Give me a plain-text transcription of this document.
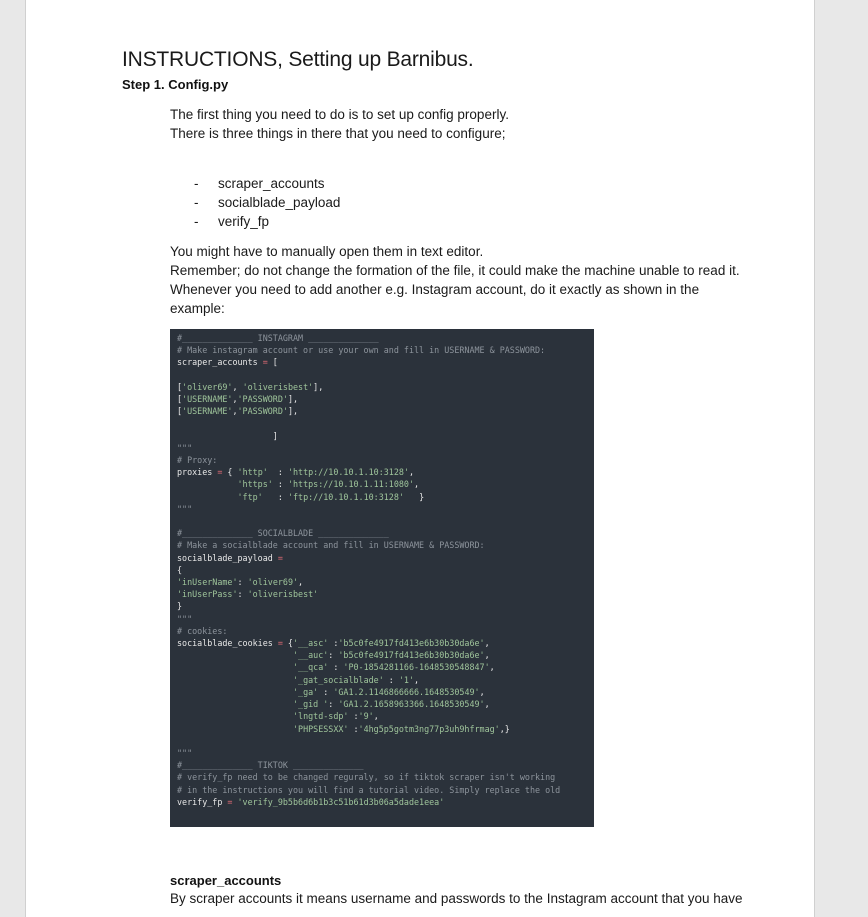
INSTRUCTIONS, Setting up Barnibus.
Step 1. Config.py
The first thing you need to do is to set up config properly.
There is three things in there that you need to configure;
-	scraper_accounts
-	socialblade_payload
-	verify_fp
You might have to manually open them in text editor.
Remember; do not change the formation of the file, it could make the machine unable to read it. Whenever you need to add another e.g. Instagram account, do it exactly as shown in the example:
#______________ INSTAGRAM ______________
# Make instagram account or use your own and fill in USERNAME & PASSWORD:
scraper_accounts = [

['oliver69', 'oliverisbest'],
['USERNAME','PASSWORD'],
['USERNAME','PASSWORD'],

]
"""
# Proxy:
proxies = { 'http'  : 'http://10.10.1.10:3128',
'https' : 'https://10.10.1.11:1080',
'ftp'   : 'ftp://10.10.1.10:3128'   }
"""

#______________ SOCIALBLADE ______________
# Make a socialblade account and fill in USERNAME & PASSWORD:
socialblade_payload =
{
'inUserName': 'oliver69',
'inUserPass': 'oliverisbest'
}
"""
# cookies:
socialblade_cookies = {'__asc' :'b5c0fe4917fd413e6b30b30da6e',
'__auc': 'b5c0fe4917fd413e6b30b30da6e',
'__qca' : 'P0-1854281166-1648530548847',
'_gat_socialblade' : '1',
'_ga' : 'GA1.2.1146866666.1648530549',
'_gid ': 'GA1.2.1658963366.1648530549',
'lngtd-sdp' :'9',
'PHPSESSXX' :'4hg5p5gotm3ng77p3uh9hfrmag',}

"""
#______________ TIKTOK ______________
# verify_fp need to be changed reguraly, so if tiktok scraper isn't working
# in the instructions you will find a tutorial video. Simply replace the old
verify_fp = 'verify_9b5b6d6b1b3c51b61d3b06a5dade1eea'
scraper_accounts
By scraper accounts it means username and passwords to the Instagram account that you have
